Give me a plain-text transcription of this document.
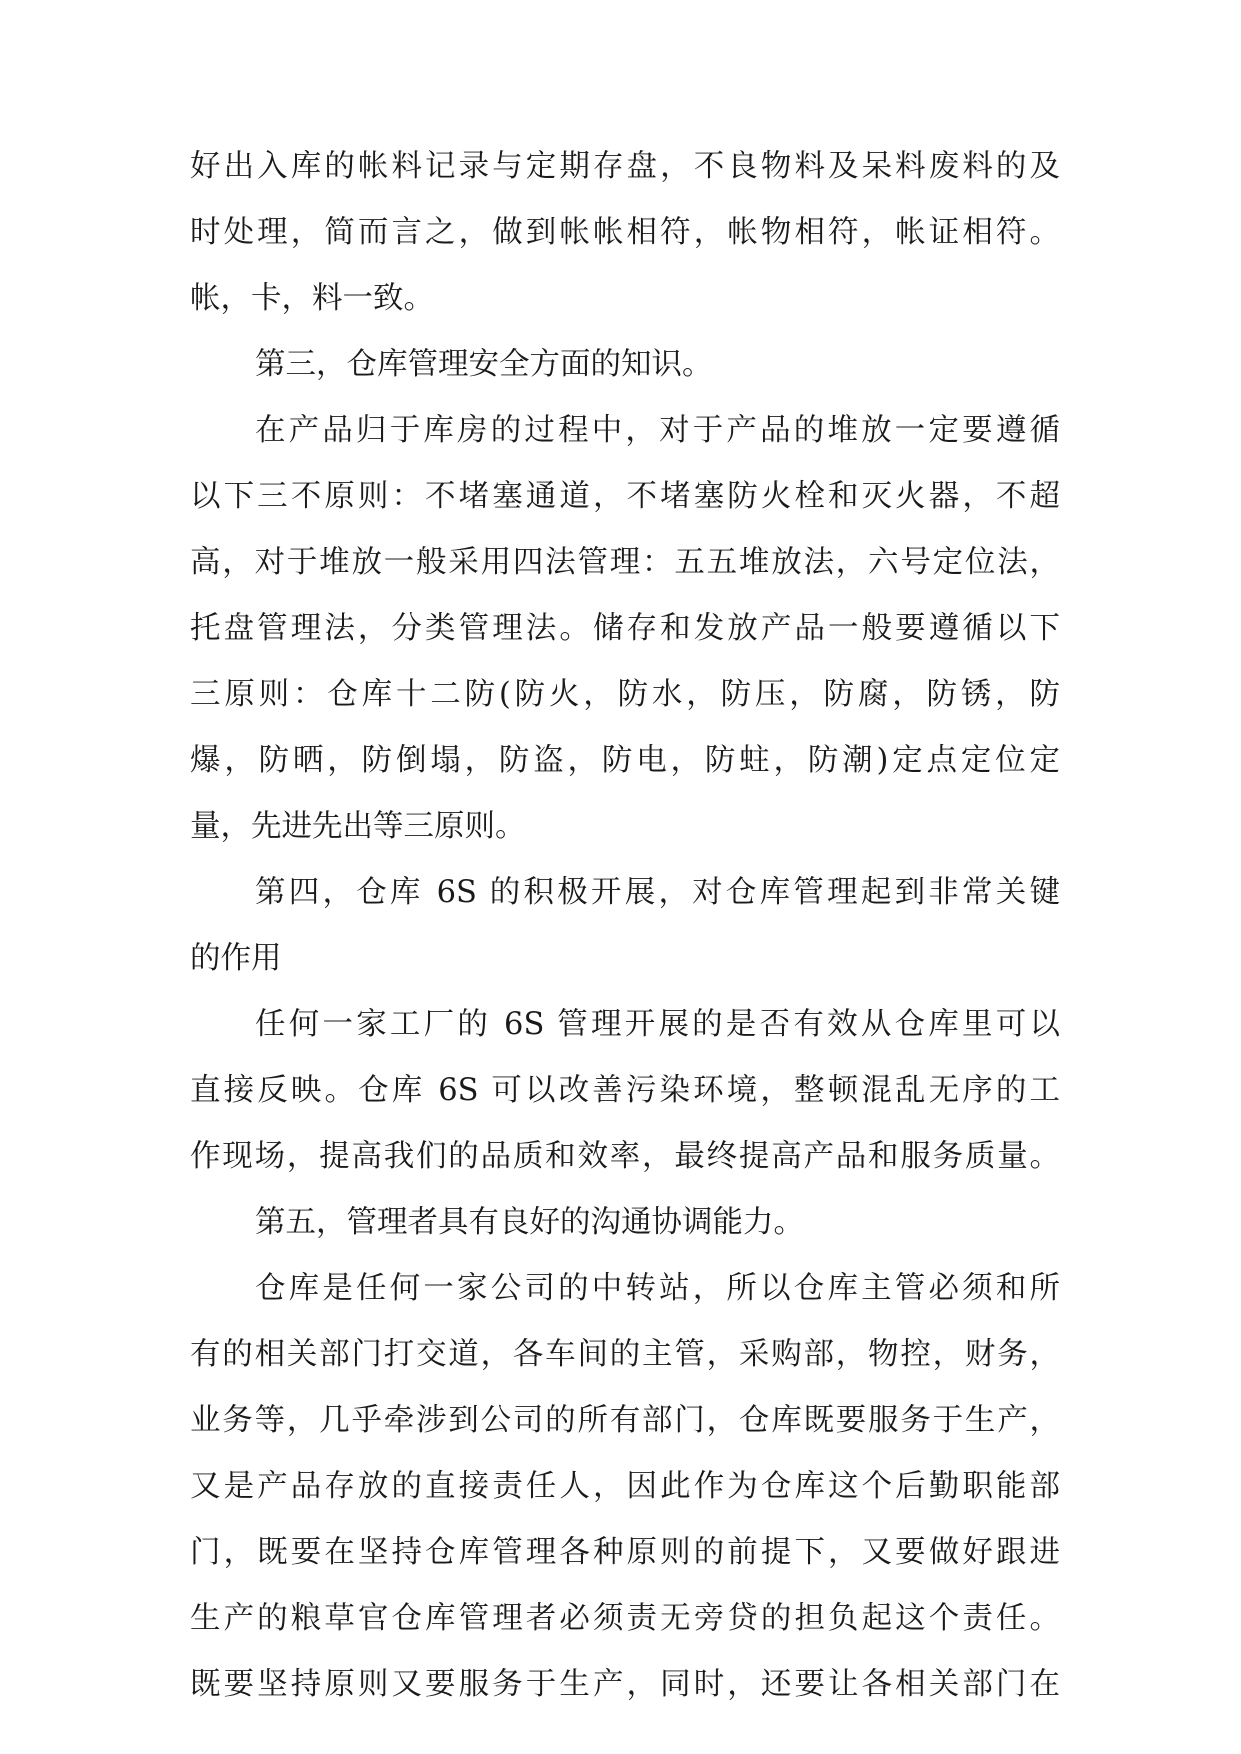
好出入库的帐料记录与定期存盘，不良物料及呆料废料的及
时处理，简而言之，做到帐帐相符，帐物相符，帐证相符。
帐，卡，料一致。
第三，仓库管理安全方面的知识。
在产品归于库房的过程中，对于产品的堆放一定要遵循
以下三不原则：不堵塞通道，不堵塞防火栓和灭火器，不超
高，对于堆放一般采用四法管理：五五堆放法，六号定位法，
托盘管理法，分类管理法。储存和发放产品一般要遵循以下
三原则：仓库十二防(防火，防水，防压，防腐，防锈，防
爆，防晒，防倒塌，防盗，防电，防蛀，防潮)定点定位定
量，先进先出等三原则。
第四，仓库 6S 的积极开展，对仓库管理起到非常关键
的作用
任何一家工厂的 6S 管理开展的是否有效从仓库里可以
直接反映。仓库 6S 可以改善污染环境，整顿混乱无序的工
作现场，提高我们的品质和效率，最终提高产品和服务质量。
第五，管理者具有良好的沟通协调能力。
仓库是任何一家公司的中转站，所以仓库主管必须和所
有的相关部门打交道，各车间的主管，采购部，物控，财务，
业务等，几乎牵涉到公司的所有部门，仓库既要服务于生产，
又是产品存放的直接责任人，因此作为仓库这个后勤职能部
门，既要在坚持仓库管理各种原则的前提下，又要做好跟进
生产的粮草官仓库管理者必须责无旁贷的担负起这个责任。
既要坚持原则又要服务于生产，同时，还要让各相关部门在
